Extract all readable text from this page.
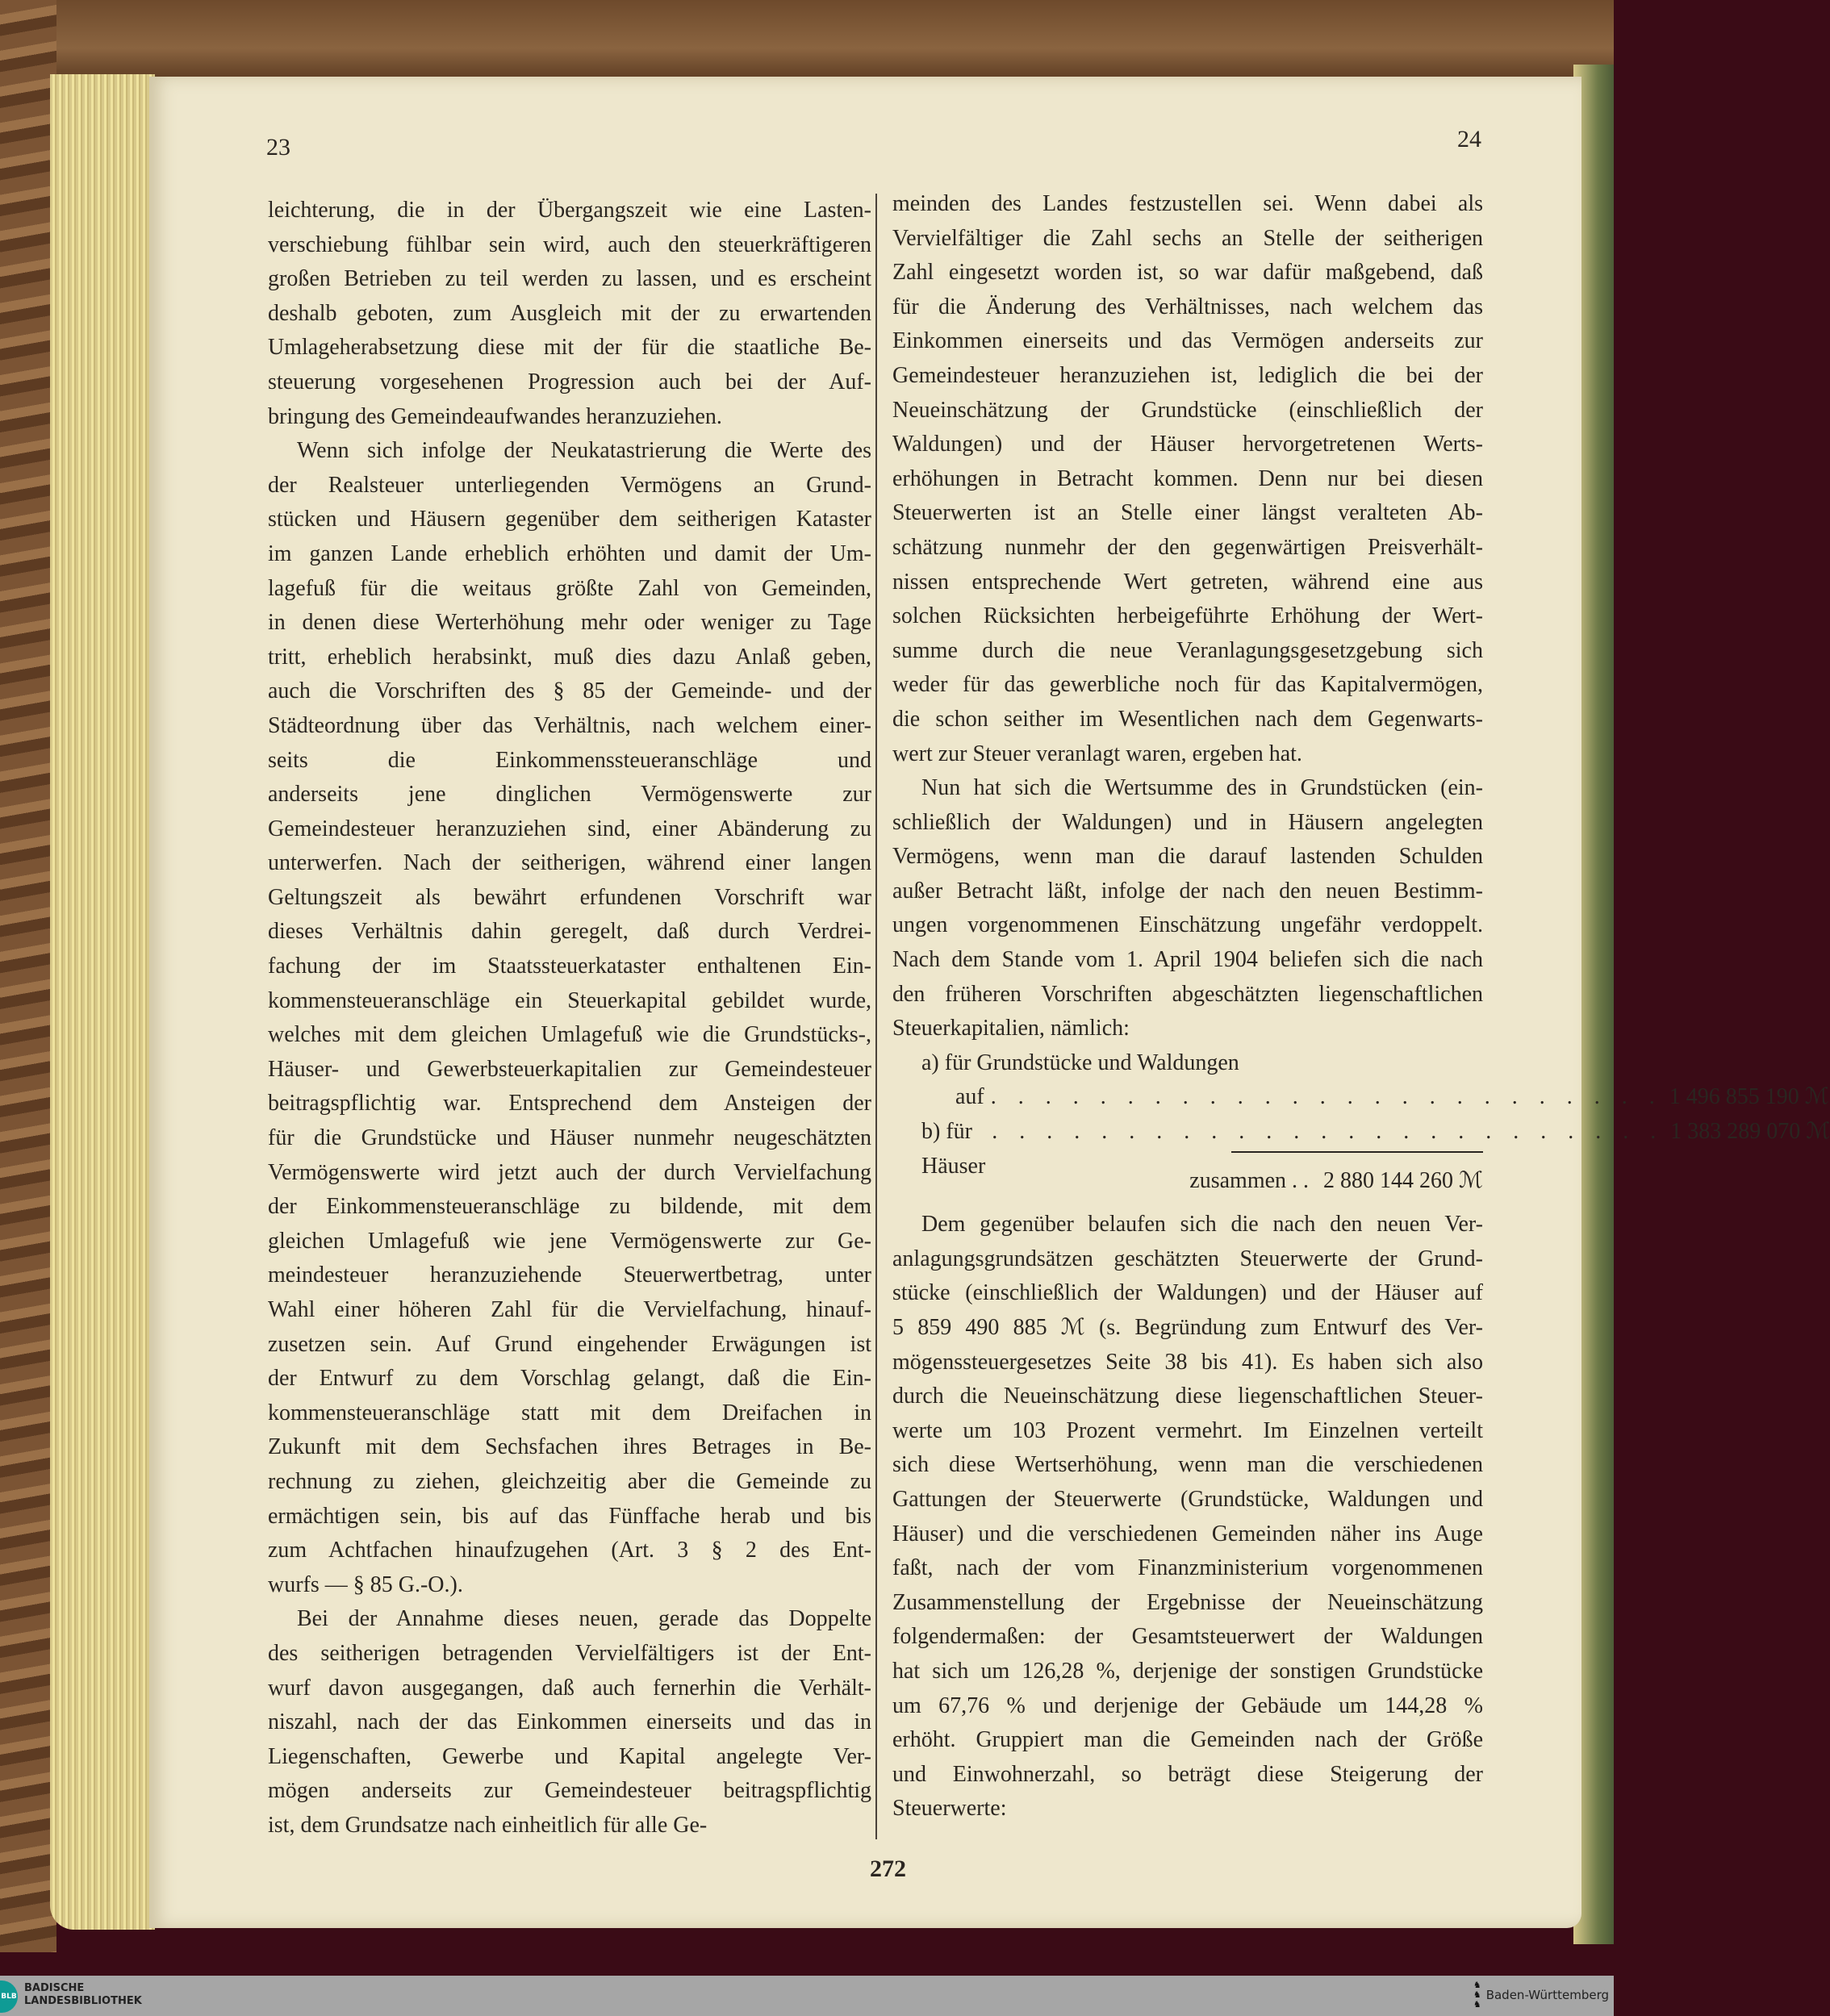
23	24
272
leichterung, die in der Übergangszeit wie eine Lasten-
verschiebung fühlbar sein wird, auch den steuerkräftigeren
großen Betrieben zu teil werden zu lassen, und es erscheint
deshalb geboten, zum Ausgleich mit der zu erwartenden
Umlageherabsetzung diese mit der für die staatliche Be-
steuerung vorgesehenen Progression auch bei der Auf-
bringung des Gemeindeaufwandes heranzuziehen.
Wenn sich infolge der Neukatastrierung die Werte des
der Realsteuer unterliegenden Vermögens an Grund-
stücken und Häusern gegenüber dem seitherigen Kataster
im ganzen Lande erheblich erhöhten und damit der Um-
lagefuß für die weitaus größte Zahl von Gemeinden,
in denen diese Werterhöhung mehr oder weniger zu Tage
tritt, erheblich herabsinkt, muß dies dazu Anlaß geben,
auch die Vorschriften des § 85 der Gemeinde- und der
Städteordnung über das Verhältnis, nach welchem einer-
seits die Einkommenssteueranschläge und
anderseits jene dinglichen Vermögenswerte zur
Gemeindesteuer heranzuziehen sind, einer Abänderung zu
unterwerfen. Nach der seitherigen, während einer langen
Geltungszeit als bewährt erfundenen Vorschrift war
dieses Verhältnis dahin geregelt, daß durch Verdrei-
fachung der im Staatssteuerkataster enthaltenen Ein-
kommensteueranschläge ein Steuerkapital gebildet wurde,
welches mit dem gleichen Umlagefuß wie die Grundstücks-,
Häuser- und Gewerbsteuerkapitalien zur Gemeindesteuer
beitragspflichtig war. Entsprechend dem Ansteigen der
für die Grundstücke und Häuser nunmehr neugeschätzten
Vermögenswerte wird jetzt auch der durch Vervielfachung
der Einkommensteueranschläge zu bildende, mit dem
gleichen Umlagefuß wie jene Vermögenswerte zur Ge-
meindesteuer heranzuziehende Steuerwertbetrag, unter
Wahl einer höheren Zahl für die Vervielfachung, hinauf-
zusetzen sein. Auf Grund eingehender Erwägungen ist
der Entwurf zu dem Vorschlag gelangt, daß die Ein-
kommensteueranschläge statt mit dem Dreifachen in
Zukunft mit dem Sechsfachen ihres Betrages in Be-
rechnung zu ziehen, gleichzeitig aber die Gemeinde zu
ermächtigen sein, bis auf das Fünffache herab und bis
zum Achtfachen hinaufzugehen (Art. 3 § 2 des Ent-
wurfs — § 85 G.-O.).
Bei der Annahme dieses neuen, gerade das Doppelte
des seitherigen betragenden Vervielfältigers ist der Ent-
wurf davon ausgegangen, daß auch fernerhin die Verhält-
niszahl, nach der das Einkommen einerseits und das in
Liegenschaften, Gewerbe und Kapital angelegte Ver-
mögen anderseits zur Gemeindesteuer beitragspflichtig
ist, dem Grundsatze nach einheitlich für alle Ge-
meinden des Landes festzustellen sei. Wenn dabei als
Vervielfältiger die Zahl sechs an Stelle der seitherigen
Zahl eingesetzt worden ist, so war dafür maßgebend, daß
für die Änderung des Verhältnisses, nach welchem das
Einkommen einerseits und das Vermögen anderseits zur
Gemeindesteuer heranzuziehen ist, lediglich die bei der
Neueinschätzung der Grundstücke (einschließlich der
Waldungen) und der Häuser hervorgetretenen Werts-
erhöhungen in Betracht kommen. Denn nur bei diesen
Steuerwerten ist an Stelle einer längst veralteten Ab-
schätzung nunmehr der den gegenwärtigen Preisverhält-
nissen entsprechende Wert getreten, während eine aus
solchen Rücksichten herbeigeführte Erhöhung der Wert-
summe durch die neue Veranlagungsgesetzgebung sich
weder für das gewerbliche noch für das Kapitalvermögen,
die schon seither im Wesentlichen nach dem Gegenwarts-
wert zur Steuer veranlagt waren, ergeben hat.
Nun hat sich die Wertsumme des in Grundstücken (ein-
schließlich der Waldungen) und in Häusern angelegten
Vermögens, wenn man die darauf lastenden Schulden
außer Betracht läßt, infolge der nach den neuen Bestimm-
ungen vorgenommenen Einschätzung ungefähr verdoppelt.
Nach dem Stande vom 1. April 1904 beliefen sich die nach
den früheren Vorschriften abgeschätzten liegenschaftlichen
Steuerkapitalien, nämlich:
a) für Grundstücke und Waldungen
auf . . . . . . . . . . . . . . . . . . . . . . . . . 1 496 855 190 ℳ
b) für Häuser
. . . . . . . . . . . . . . . . . . . . . . . . . 1 383 289 070 ℳ
zusammen . . 2 880 144 260 ℳ
Dem gegenüber belaufen sich die nach den neuen Ver-
anlagungsgrundsätzen geschätzten Steuerwerte der Grund-
stücke (einschließlich der Waldungen) und der Häuser auf
5 859 490 885 ℳ (s. Begründung zum Entwurf des Ver-
mögenssteuergesetzes Seite 38 bis 41). Es haben sich also
durch die Neueinschätzung diese liegenschaftlichen Steuer-
werte um 103 Prozent vermehrt. Im Einzelnen verteilt
sich diese Wertserhöhung, wenn man die verschiedenen
Gattungen der Steuerwerte (Grundstücke, Waldungen und
Häuser) und die verschiedenen Gemeinden näher ins Auge
faßt, nach der vom Finanzministerium vorgenommenen
Zusammenstellung der Ergebnisse der Neueinschätzung
folgendermaßen: der Gesamtsteuerwert der Waldungen
hat sich um 126,28 %, derjenige der sonstigen Grundstücke
um 67,76 % und derjenige der Gebäude um 144,28 %
erhöht. Gruppiert man die Gemeinden nach der Größe
und Einwohnerzahl, so beträgt diese Steigerung der
Steuerwerte:
BLB
BADISCHE
LANDESBIBLIOTHEK
♞
♞
♞
Baden-Württemberg
